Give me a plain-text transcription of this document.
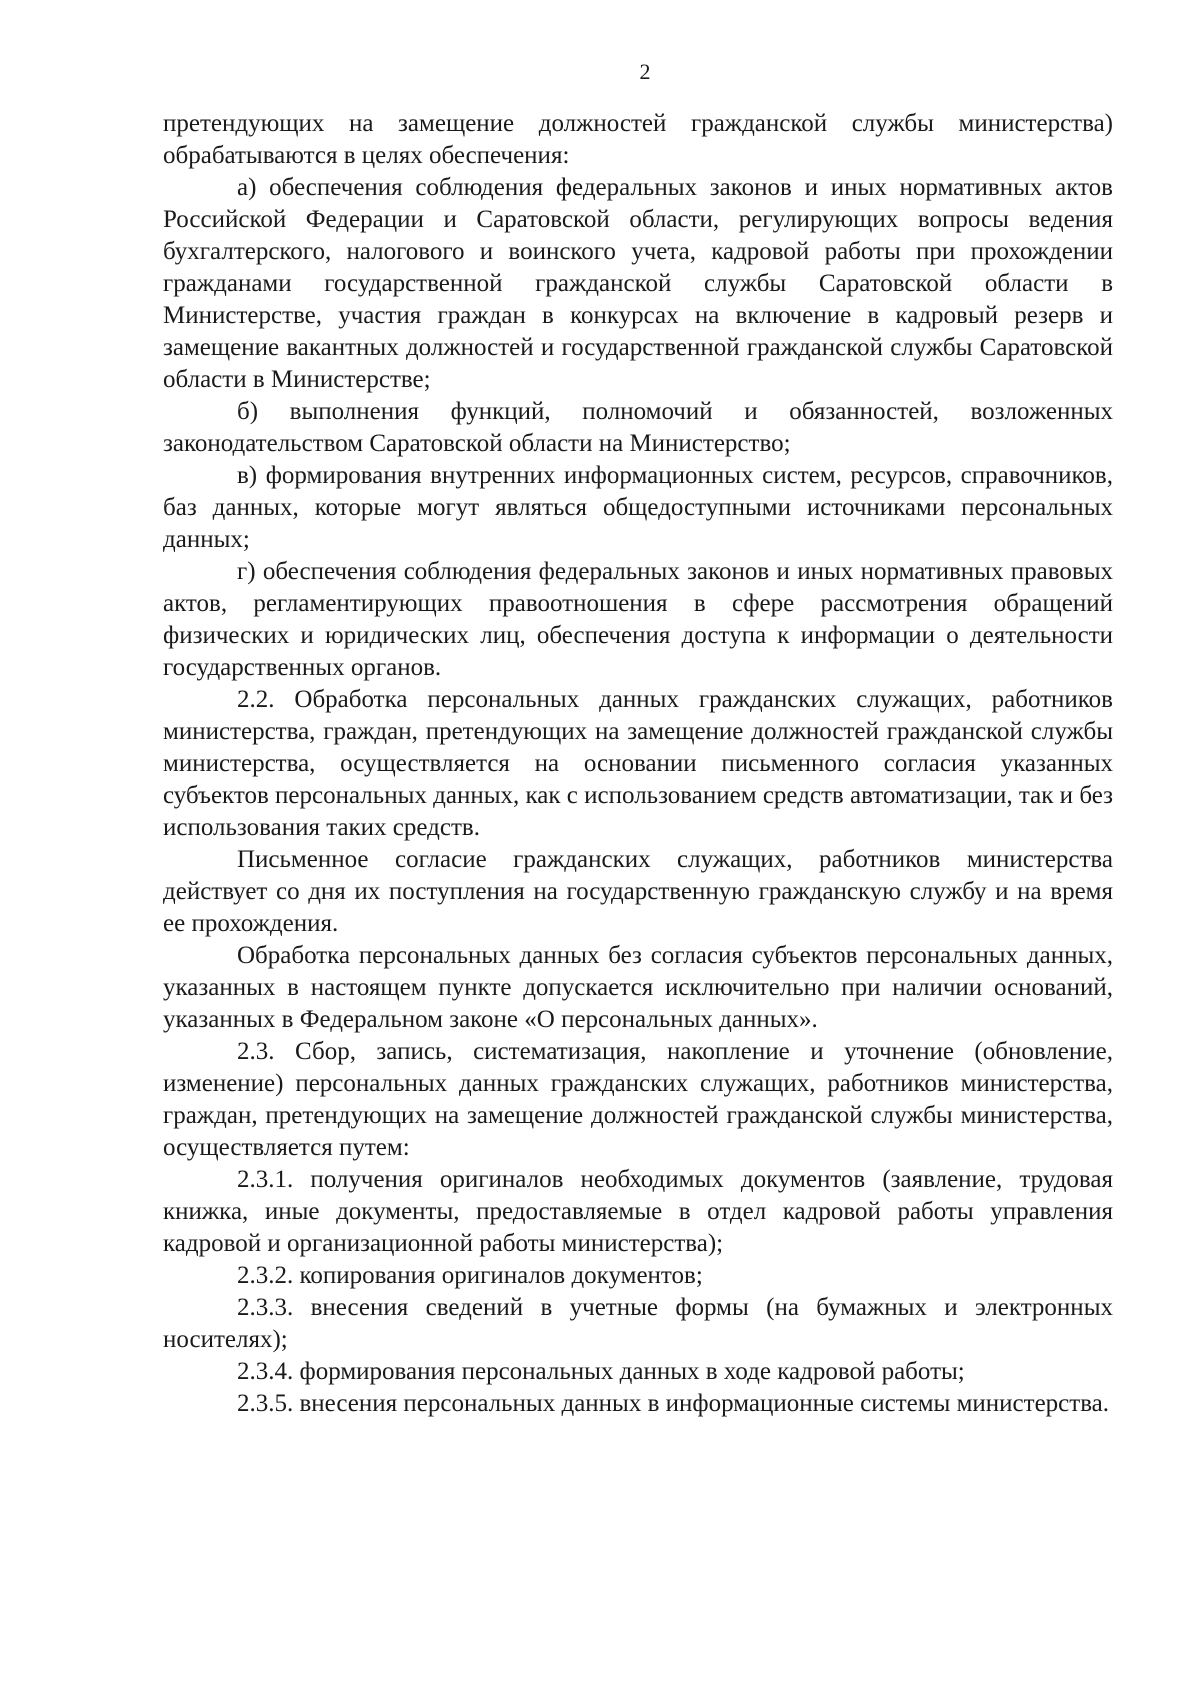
2

претендующих на замещение должностей гражданской службы министерства) обрабатываются в целях обеспечения:

а) обеспечения соблюдения федеральных законов и иных нормативных актов Российской Федерации и Саратовской области, регулирующих вопросы ведения бухгалтерского, налогового и воинского учета, кадровой работы при прохождении гражданами государственной гражданской службы Саратовской области в Министерстве, участия граждан в конкурсах на включение в кадровый резерв и замещение вакантных должностей и государственной гражданской службы Саратовской области в Министерстве;

б) выполнения функций, полномочий и обязанностей, возложенных законодательством Саратовской области на Министерство;

в) формирования внутренних информационных систем, ресурсов, справочников, баз данных, которые могут являться общедоступными источниками персональных данных;

г) обеспечения соблюдения федеральных законов и иных нормативных правовых актов, регламентирующих правоотношения в сфере рассмотрения обращений физических и юридических лиц, обеспечения доступа к информации о деятельности государственных органов.

2.2. Обработка персональных данных гражданских служащих, работников министерства, граждан, претендующих на замещение должностей гражданской службы министерства, осуществляется на основании письменного согласия указанных субъектов персональных данных, как с использованием средств автоматизации, так и без использования таких средств.

Письменное согласие гражданских служащих, работников министерства действует со дня их поступления на государственную гражданскую службу и на время ее прохождения.

Обработка персональных данных без согласия субъектов персональных данных, указанных в настоящем пункте допускается исключительно при наличии оснований, указанных в Федеральном законе «О персональных данных».

2.3. Сбор, запись, систематизация, накопление и уточнение (обновление, изменение) персональных данных гражданских служащих, работников министерства, граждан, претендующих на замещение должностей гражданской службы министерства, осуществляется путем:

2.3.1. получения оригиналов необходимых документов (заявление, трудовая книжка, иные документы, предоставляемые в отдел кадровой работы управления кадровой и организационной работы министерства);

2.3.2. копирования оригиналов документов;

2.3.3. внесения сведений в учетные формы (на бумажных и электронных носителях);

2.3.4. формирования персональных данных в ходе кадровой работы;

2.3.5. внесения персональных данных в информационные системы министерства.
